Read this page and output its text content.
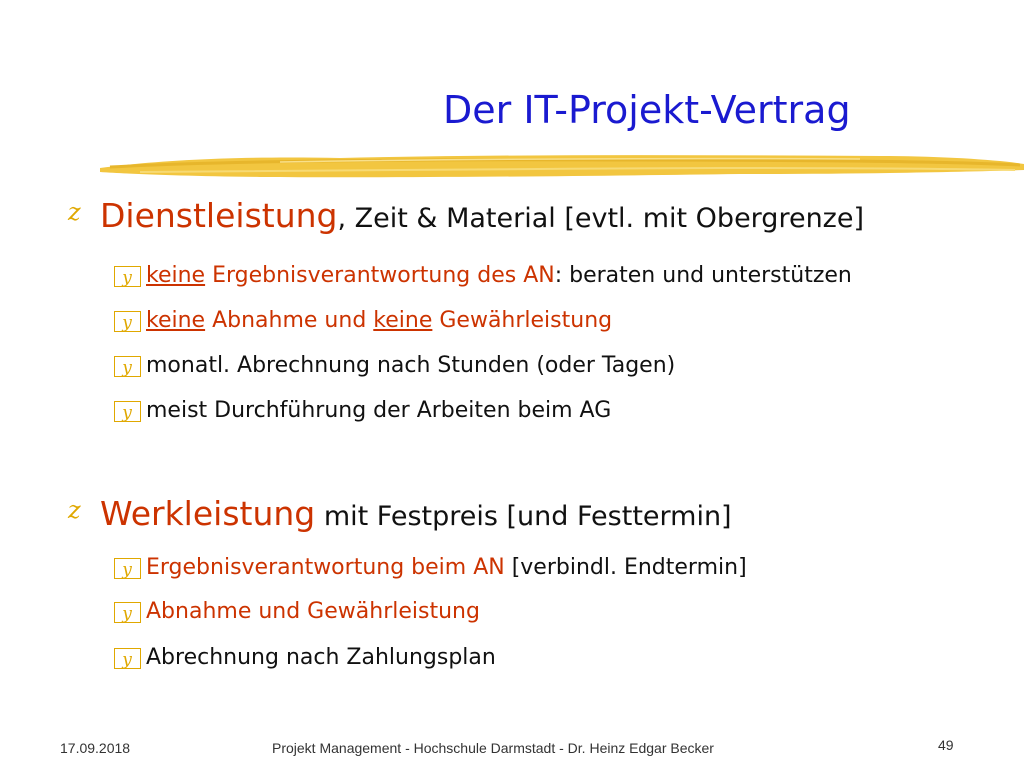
Der IT-Projekt-Vertrag
z Dienstleistung, Zeit & Material [evtl. mit Obergrenze]
y keine Ergebnisverantwortung des AN: beraten und unterstützen
y keine Abnahme und keine Gewährleistung
y monatl. Abrechnung nach Stunden (oder Tagen)
y meist Durchführung der Arbeiten beim AG
z Werkleistung mit Festpreis [und Festtermin]
y Ergebnisverantwortung beim AN [verbindl. Endtermin]
y Abnahme und Gewährleistung
y Abrechnung nach Zahlungsplan
17.09.2018	Projekt Management - Hochschule Darmstadt - Dr. Heinz Edgar Becker	49
